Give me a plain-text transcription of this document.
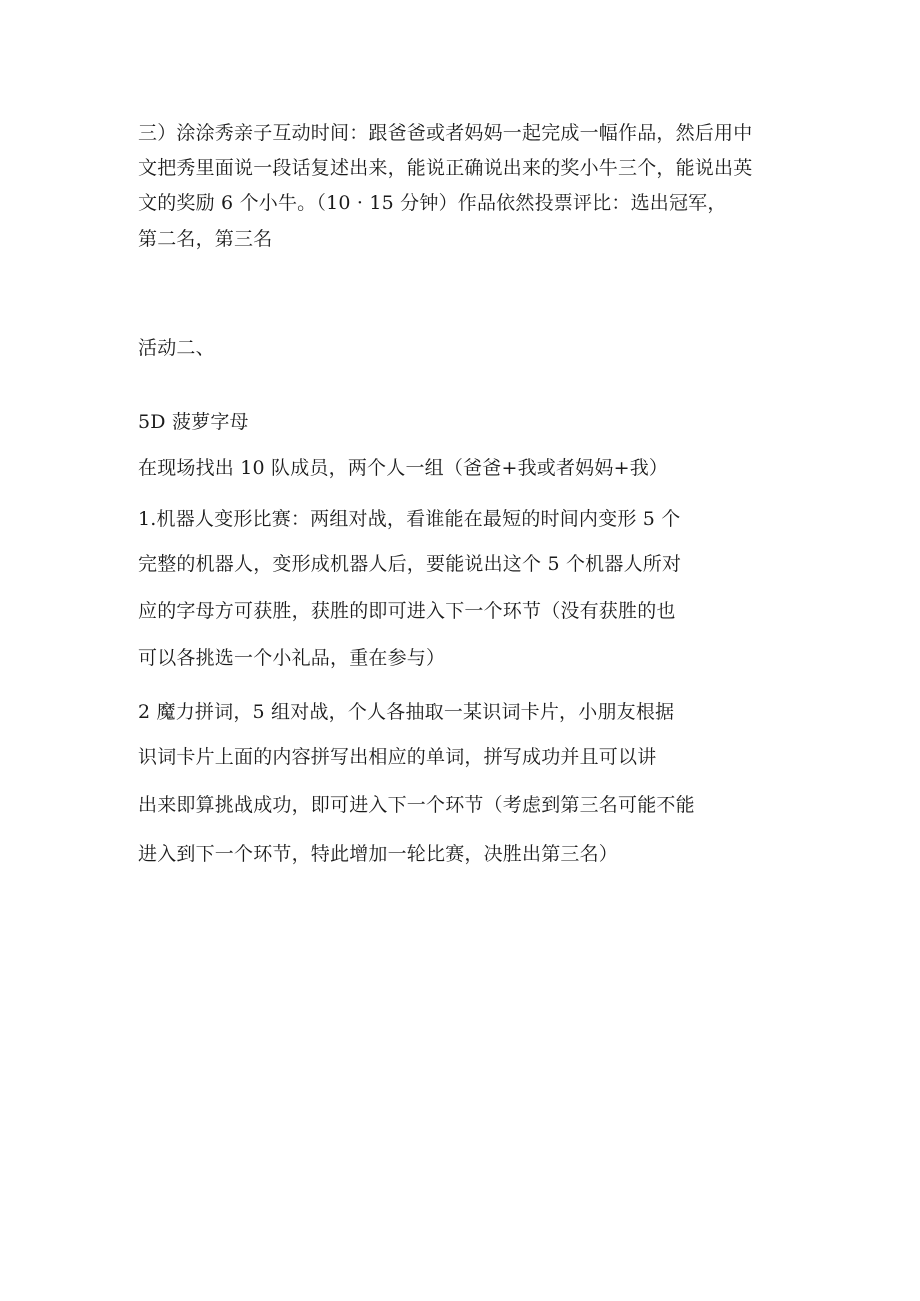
三）涂涂秀亲子互动时间：跟爸爸或者妈妈一起完成一幅作品，然后用中
文把秀里面说一段话复述出来，能说正确说出来的奖小牛三个，能说出英
文的奖励 6 个小牛。（10 · 15 分钟）作品依然投票评比：选出冠军，
第二名，第三名
活动二、
5D 菠萝字母
在现场找出 10 队成员，两个人一组（爸爸+我或者妈妈+我）
1.机器人变形比赛：两组对战，看谁能在最短的时间内变形 5 个
完整的机器人，变形成机器人后，要能说出这个 5 个机器人所对
应的字母方可获胜，获胜的即可进入下一个环节（没有获胜的也
可以各挑选一个小礼品，重在参与）
2 魔力拼词，5 组对战，个人各抽取一某识词卡片，小朋友根据
识词卡片上面的内容拼写出相应的单词，拼写成功并且可以讲
出来即算挑战成功，即可进入下一个环节（考虑到第三名可能不能
进入到下一个环节，特此增加一轮比赛，决胜出第三名）
